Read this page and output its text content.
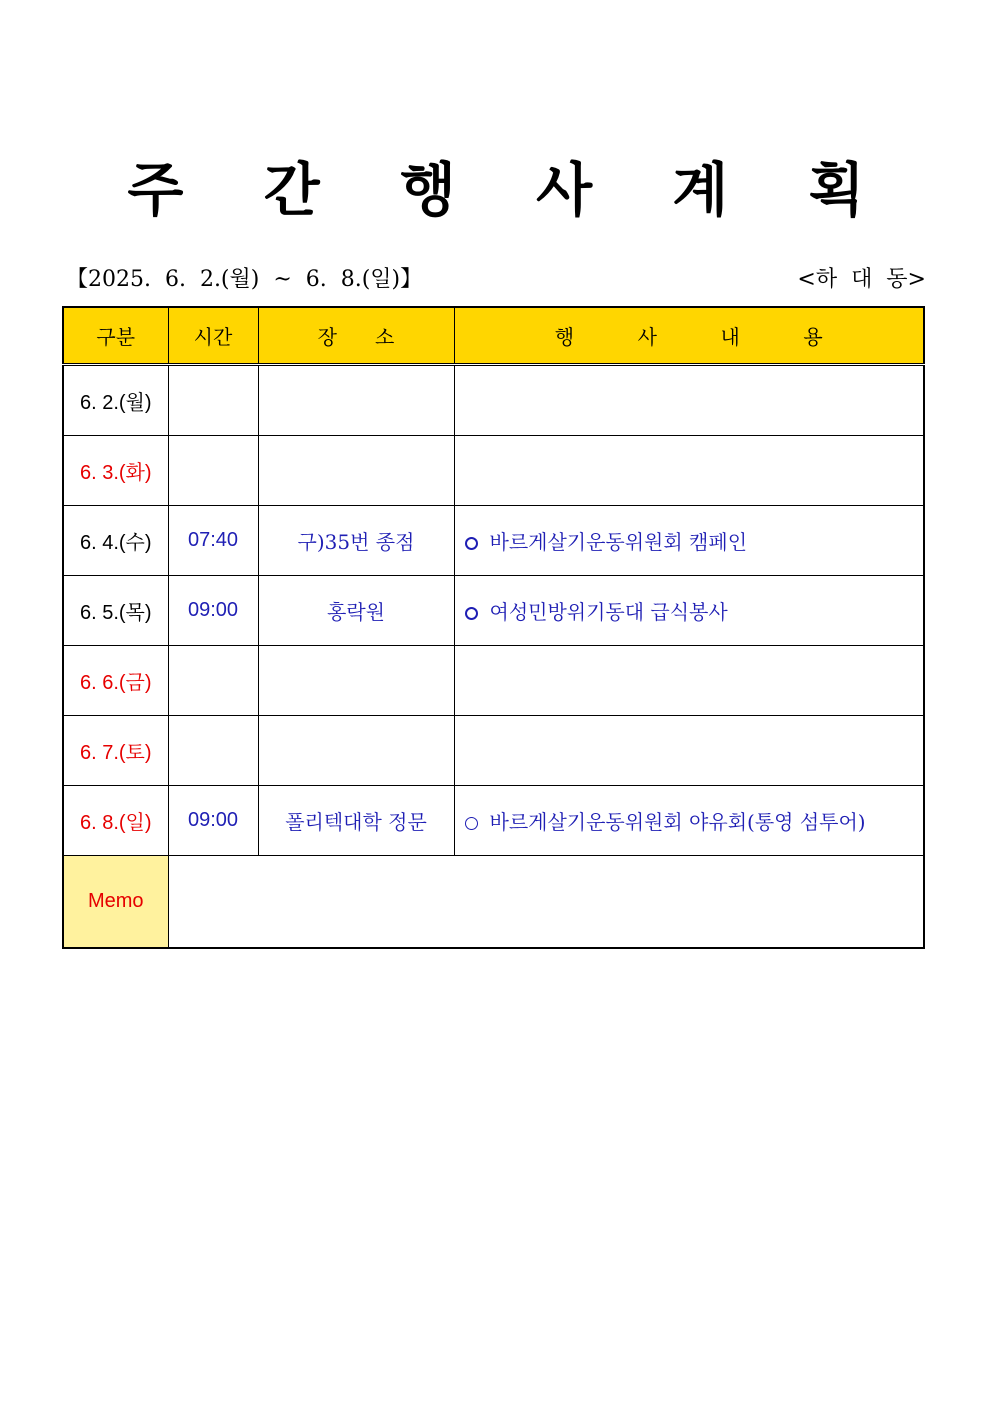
주 간 행 사 계 획
【2025.  6.  2.(월)  ~  6.  8.(일)】	<하  대  동>
구분	시간	장      소	행          사          내          용
6. 2.(월)			
6. 3.(화)			
6. 4.(수)	07:40	구)35번 종점	바르게살기운동위원회 캠페인
6. 5.(목)	09:00	홍락원	여성민방위기동대 급식봉사
6. 6.(금)			
6. 7.(토)			
6. 8.(일)	09:00	폴리텍대학 정문	바르게살기운동위원회 야유회(통영 섬투어)
Memo			
